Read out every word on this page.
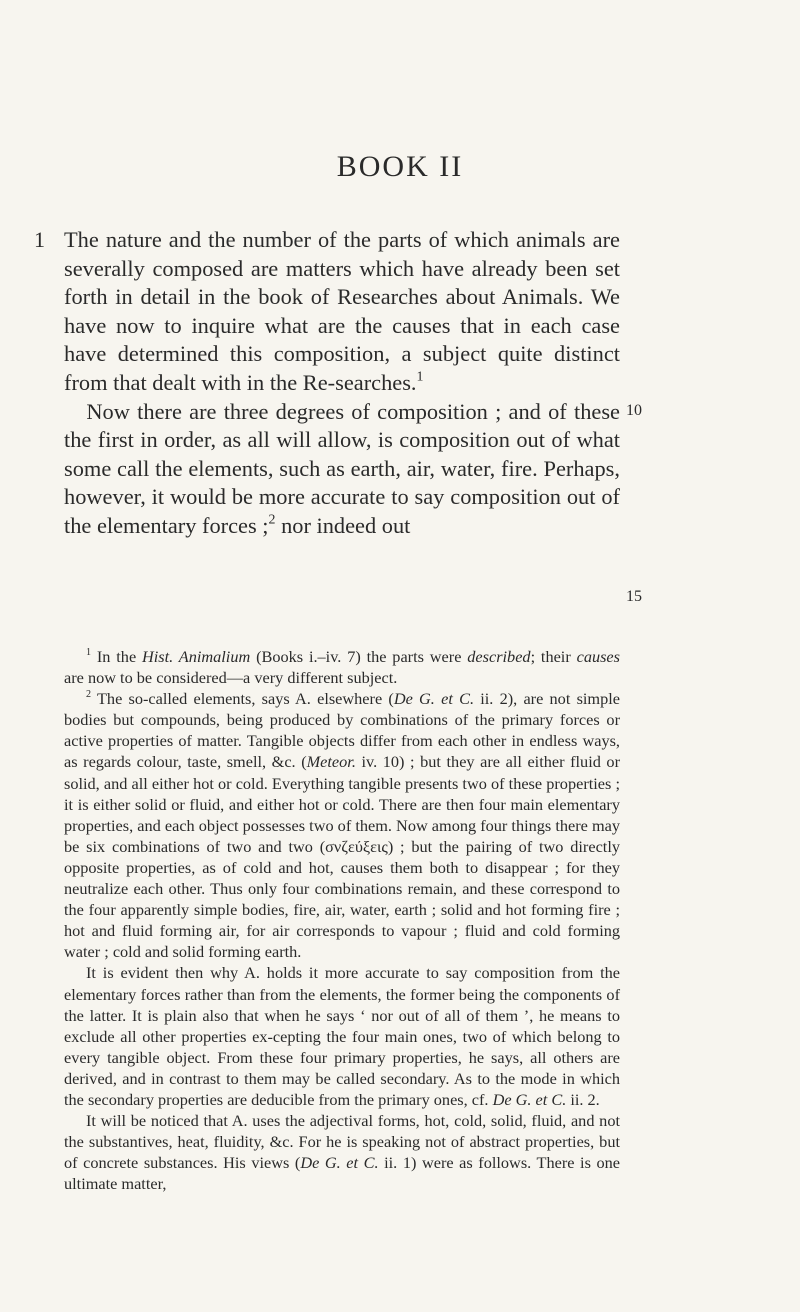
BOOK II
1 The nature and the number of the parts of which animals are severally composed are matters which have already been set forth in detail in the book of Researches about Animals. We have now to inquire what are the causes that in each case have determined this composition, a subject quite distinct from that dealt with in the Re-searches.$^1$

 Now there are three degrees of composition ; and of these the first in order, as all will allow, is composition out of what some call the elements, such as earth, air, water, fire. Perhaps, however, it would be more accurate to say composition out of the elementary forces ;$^2$ nor indeed out

10
15

$^1$ In the Hist. Animalium (Books i.–iv. 7) the parts were described; their causes are now to be considered—a very different subject.

$^2$ The so-called elements, says A. elsewhere (De G. et C. ii. 2), are not simple bodies but compounds, being produced by combinations of the primary forces or active properties of matter. Tangible objects differ from each other in endless ways, as regards colour, taste, smell, &c. (Meteor. iv. 10) ; but they are all either fluid or solid, and all either hot or cold. Everything tangible presents two of these properties ; it is either solid or fluid, and either hot or cold. There are then four main elementary properties, and each object possesses two of them. Now among four things there may be six combinations of two and two (σνζεύξεις) ; but the pairing of two directly opposite properties, as of cold and hot, causes them both to disappear ; for they neutralize each other. Thus only four combinations remain, and these correspond to the four apparently simple bodies, fire, air, water, earth ; solid and hot forming fire ; hot and fluid forming air, for air corresponds to vapour ; fluid and cold forming water ; cold and solid forming earth.

It is evident then why A. holds it more accurate to say composition from the elementary forces rather than from the elements, the former being the components of the latter. It is plain also that when he says ‘ nor out of all of them ’, he means to exclude all other properties ex-cepting the four main ones, two of which belong to every tangible object. From these four primary properties, he says, all others are derived, and in contrast to them may be called secondary. As to the mode in which the secondary properties are deducible from the primary ones, cf. De G. et C. ii. 2.

It will be noticed that A. uses the adjectival forms, hot, cold, solid, fluid, and not the substantives, heat, fluidity, &c. For he is speaking not of abstract properties, but of concrete substances. His views (De G. et C. ii. 1) were as follows. There is one ultimate matter,
